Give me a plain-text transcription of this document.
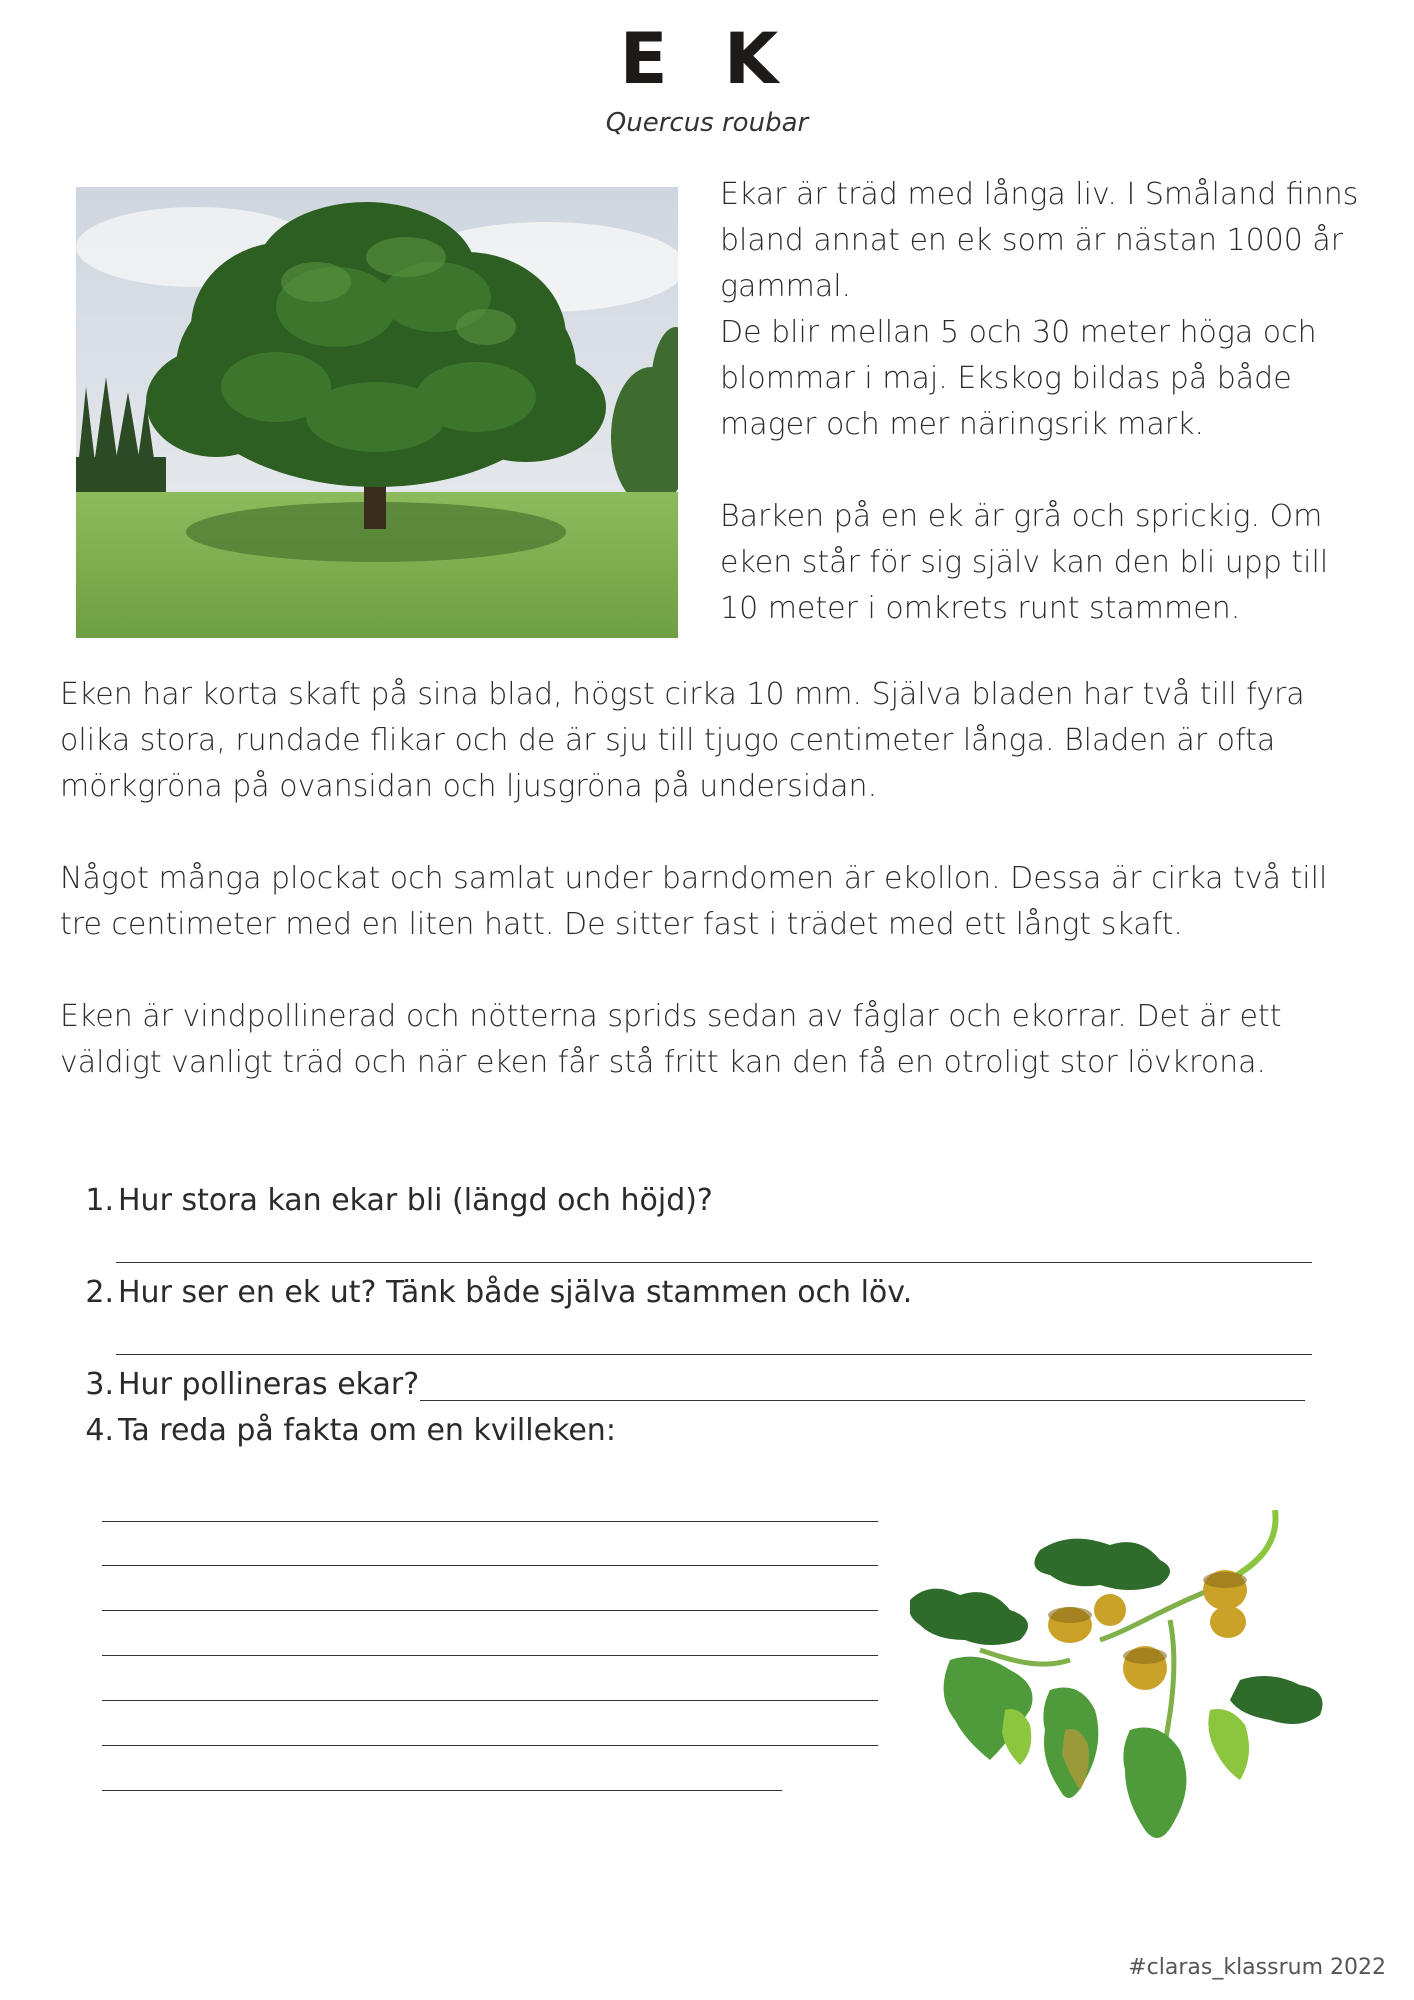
E K
Quercus roubar

Ekar är träd med långa liv. I Småland finns bland annat en ek som är nästan 1000 år gammal.

De blir mellan 5 och 30 meter höga och blommar i maj. Ekskog bildas på både mager och mer näringsrik mark.

Barken på en ek är grå och sprickig. Om eken står för sig själv kan den bli upp till 10 meter i omkrets runt stammen.

Eken har korta skaft på sina blad, högst cirka 10 mm. Själva bladen har två till fyra olika stora, rundade flikar och de är sju till tjugo centimeter långa. Bladen är ofta mörkgröna på ovansidan och ljusgröna på undersidan.

Något många plockat och samlat under barndomen är ekollon. Dessa är cirka två till tre centimeter med en liten hatt. De sitter fast i trädet med ett långt skaft.

Eken är vindpollinerad och nötterna sprids sedan av fåglar och ekorrar. Det är ett väldigt vanligt träd och när eken får stå fritt kan den få en otroligt stor lövkrona.

1. Hur stora kan ekar bli (längd och höjd)?
2. Hur ser en ek ut? Tänk både själva stammen och löv.
3. Hur pollineras ekar?
4. Ta reda på fakta om en kvilleken:
#claras_klassrum 2022
